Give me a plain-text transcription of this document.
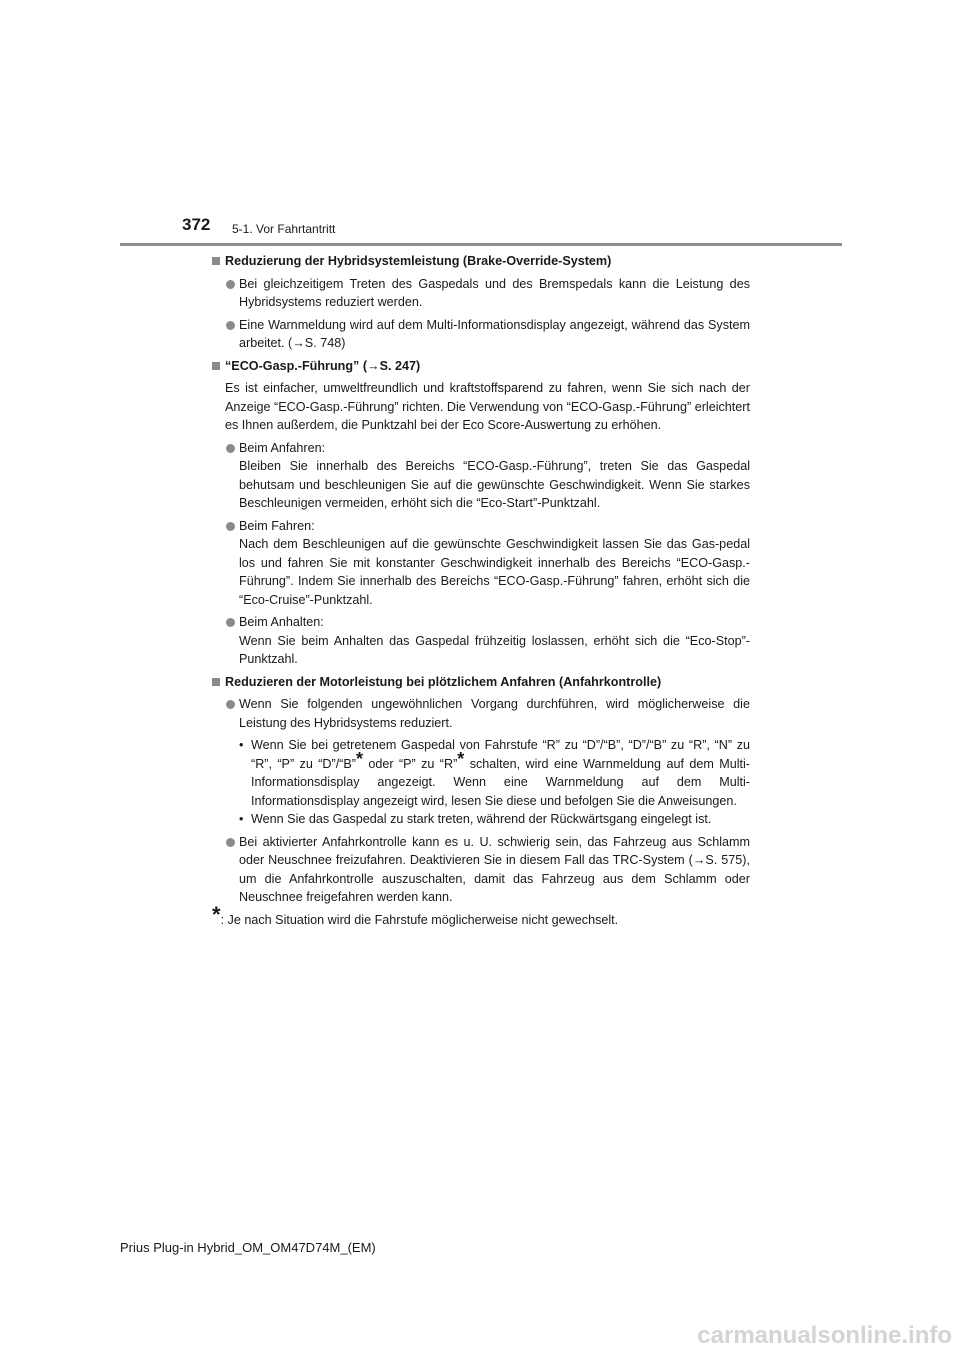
372 5-1. Vor Fahrtantritt
Reduzierung der Hybridsystemleistung (Brake-Override-System)
Bei gleichzeitigem Treten des Gaspedals und des Bremspedals kann die Leistung des Hybridsystems reduziert werden.
Eine Warnmeldung wird auf dem Multi-Informationsdisplay angezeigt, während das System arbeitet. (→S. 748)
“ECO-Gasp.-Führung” (→S. 247)
Es ist einfacher, umweltfreundlich und kraftstoffsparend zu fahren, wenn Sie sich nach der Anzeige “ECO-Gasp.-Führung” richten. Die Verwendung von “ECO-Gasp.-Führung” erleichtert es Ihnen außerdem, die Punktzahl bei der Eco Score-Auswertung zu erhöhen.
Beim Anfahren:
Bleiben Sie innerhalb des Bereichs “ECO-Gasp.-Führung”, treten Sie das Gaspedal behutsam und beschleunigen Sie auf die gewünschte Geschwindigkeit. Wenn Sie starkes Beschleunigen vermeiden, erhöht sich die “Eco-Start”-Punktzahl.
Beim Fahren:
Nach dem Beschleunigen auf die gewünschte Geschwindigkeit lassen Sie das Gas-pedal los und fahren Sie mit konstanter Geschwindigkeit innerhalb des Bereichs “ECO-Gasp.-Führung”. Indem Sie innerhalb des Bereichs “ECO-Gasp.-Führung” fahren, erhöht sich die “Eco-Cruise”-Punktzahl.
Beim Anhalten:
Wenn Sie beim Anhalten das Gaspedal frühzeitig loslassen, erhöht sich die “Eco-Stop”-Punktzahl.
Reduzieren der Motorleistung bei plötzlichem Anfahren (Anfahrkontrolle)
Wenn Sie folgenden ungewöhnlichen Vorgang durchführen, wird möglicherweise die Leistung des Hybridsystems reduziert.
• Wenn Sie bei getretenem Gaspedal von Fahrstufe “R” zu “D”/“B”, “D”/“B” zu “R”, “N” zu “R”, “P” zu “D”/“B”* oder “P” zu “R”* schalten, wird eine Warnmeldung auf dem Multi-Informationsdisplay angezeigt. Wenn eine Warnmeldung auf dem Multi-Informationsdisplay angezeigt wird, lesen Sie diese und befolgen Sie die Anweisungen.
• Wenn Sie das Gaspedal zu stark treten, während der Rückwärtsgang eingelegt ist.
Bei aktivierter Anfahrkontrolle kann es u. U. schwierig sein, das Fahrzeug aus Schlamm oder Neuschnee freizufahren. Deaktivieren Sie in diesem Fall das TRC-System (→S. 575), um die Anfahrkontrolle auszuschalten, damit das Fahrzeug aus dem Schlamm oder Neuschnee freigefahren werden kann.
*: Je nach Situation wird die Fahrstufe möglicherweise nicht gewechselt.
Prius Plug-in Hybrid_OM_OM47D74M_(EM)
carmanualsonline.info
